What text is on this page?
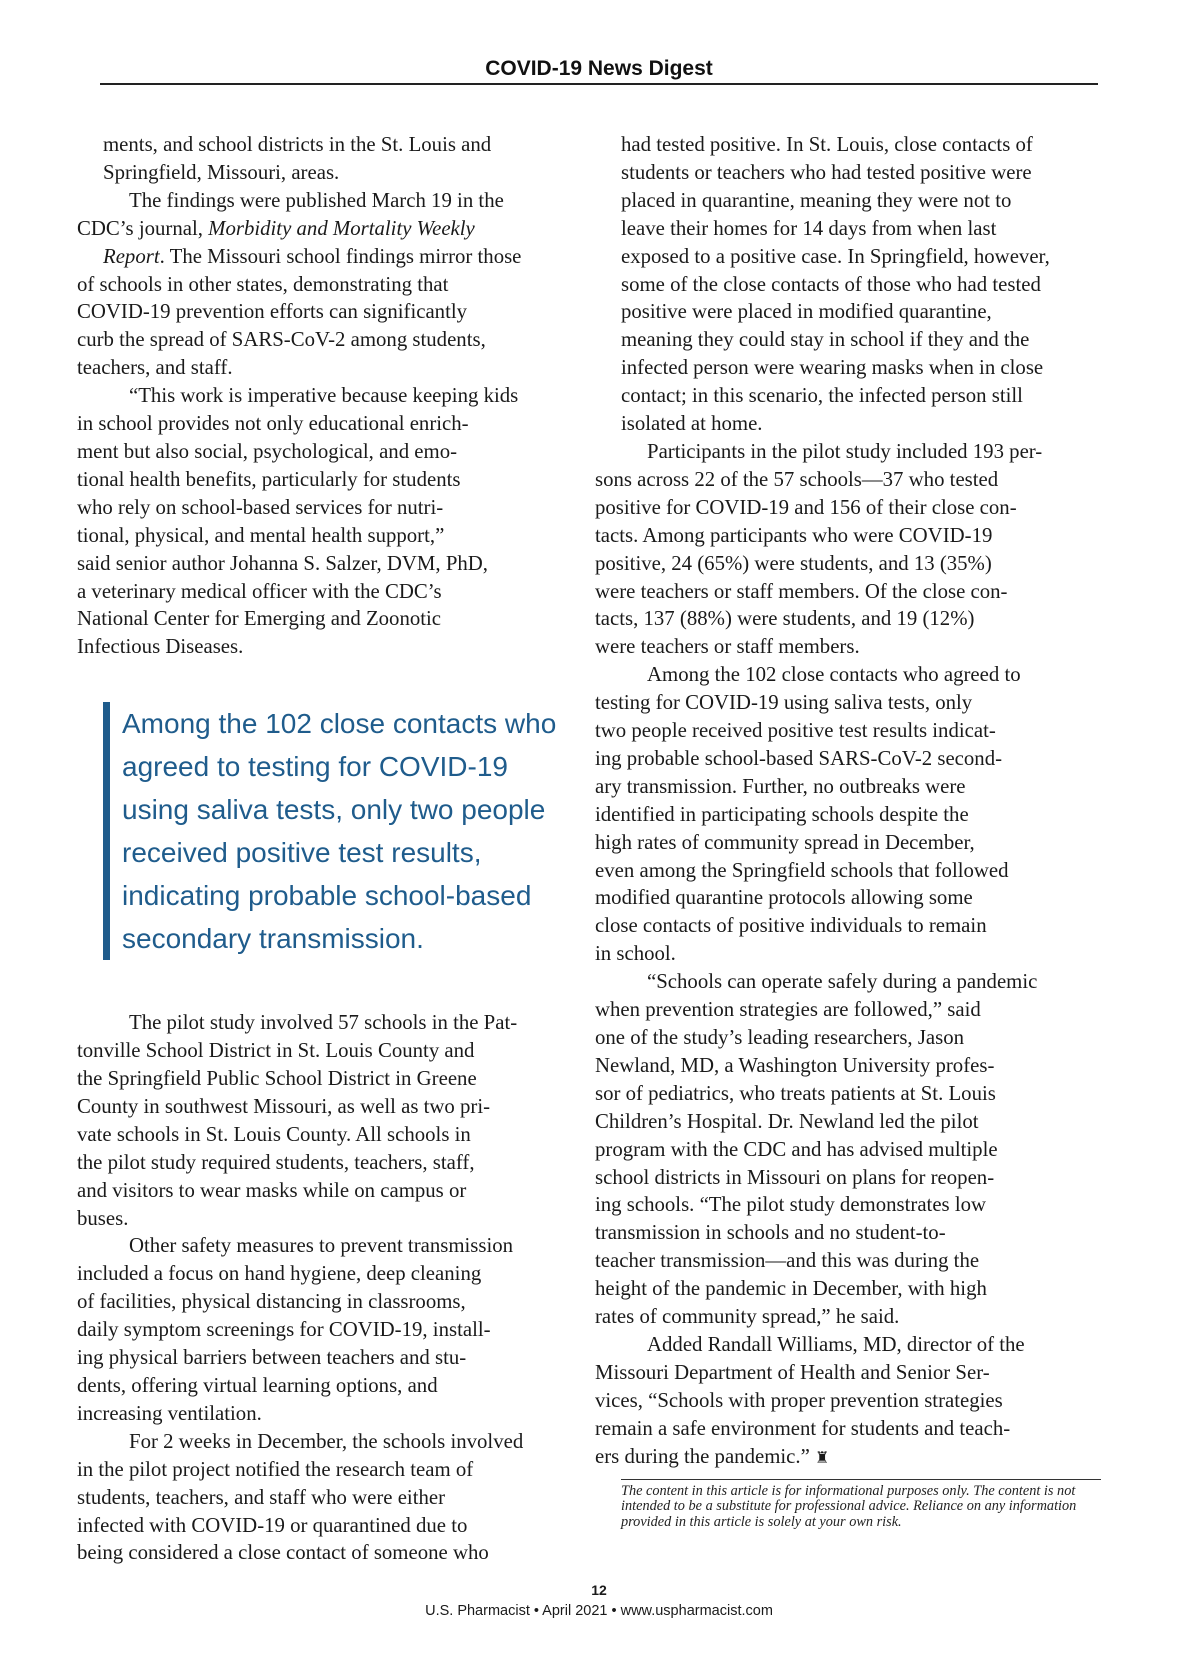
COVID-19 News Digest

ments, and school districts in the St. Louis and
Springfield, Missouri, areas.

The findings were published March 19 in the
CDC’s journal, Morbidity and Mortality Weekly
Report. The Missouri school findings mirror those
of schools in other states, demonstrating that
COVID-19 prevention efforts can significantly
curb the spread of SARS-CoV-2 among students,
teachers, and staff.

“This work is imperative because keeping kids
in school provides not only educational enrich-
ment but also social, psychological, and emo-
tional health benefits, particularly for students
who rely on school-based services for nutri-
tional, physical, and mental health support,”
said senior author Johanna S. Salzer, DVM, PhD,
a veterinary medical officer with the CDC’s
National Center for Emerging and Zoonotic
Infectious Diseases.

Among the 102 close contacts who
agreed to testing for COVID-19
using saliva tests, only two people
received positive test results,
indicating probable school-based
secondary transmission.

The pilot study involved 57 schools in the Pat-
tonville School District in St. Louis County and
the Springfield Public School District in Greene
County in southwest Missouri, as well as two pri-
vate schools in St. Louis County. All schools in
the pilot study required students, teachers, staff,
and visitors to wear masks while on campus or
buses.

Other safety measures to prevent transmission
included a focus on hand hygiene, deep cleaning
of facilities, physical distancing in classrooms,
daily symptom screenings for COVID-19, install-
ing physical barriers between teachers and stu-
dents, offering virtual learning options, and
increasing ventilation.

For 2 weeks in December, the schools involved
in the pilot project notified the research team of
students, teachers, and staff who were either
infected with COVID-19 or quarantined due to
being considered a close contact of someone who

had tested positive. In St. Louis, close contacts of
students or teachers who had tested positive were
placed in quarantine, meaning they were not to
leave their homes for 14 days from when last
exposed to a positive case. In Springfield, however,
some of the close contacts of those who had tested
positive were placed in modified quarantine,
meaning they could stay in school if they and the
infected person were wearing masks when in close
contact; in this scenario, the infected person still
isolated at home.

Participants in the pilot study included 193 per-
sons across 22 of the 57 schools—37 who tested
positive for COVID-19 and 156 of their close con-
tacts. Among participants who were COVID-19
positive, 24 (65%) were students, and 13 (35%)
were teachers or staff members. Of the close con-
tacts, 137 (88%) were students, and 19 (12%)
were teachers or staff members.

Among the 102 close contacts who agreed to
testing for COVID-19 using saliva tests, only
two people received positive test results indicat-
ing probable school-based SARS-CoV-2 second-
ary transmission. Further, no outbreaks were
identified in participating schools despite the
high rates of community spread in December,
even among the Springfield schools that followed
modified quarantine protocols allowing some
close contacts of positive individuals to remain
in school.

“Schools can operate safely during a pandemic
when prevention strategies are followed,” said
one of the study’s leading researchers, Jason
Newland, MD, a Washington University profes-
sor of pediatrics, who treats patients at St. Louis
Children’s Hospital. Dr. Newland led the pilot
program with the CDC and has advised multiple
school districts in Missouri on plans for reopen-
ing schools. “The pilot study demonstrates low
transmission in schools and no student-to-
teacher transmission—and this was during the
height of the pandemic in December, with high
rates of community spread,” he said.

Added Randall Williams, MD, director of the
Missouri Department of Health and Senior Ser-
vices, “Schools with proper prevention strategies
remain a safe environment for students and teach-
ers during the pandemic.” ♜

The content in this article is for informational purposes only. The content is not intended to be a substitute for professional advice. Reliance on any information provided in this article is solely at your own risk.
12
U.S. Pharmacist • April 2021 • www.uspharmacist.com
